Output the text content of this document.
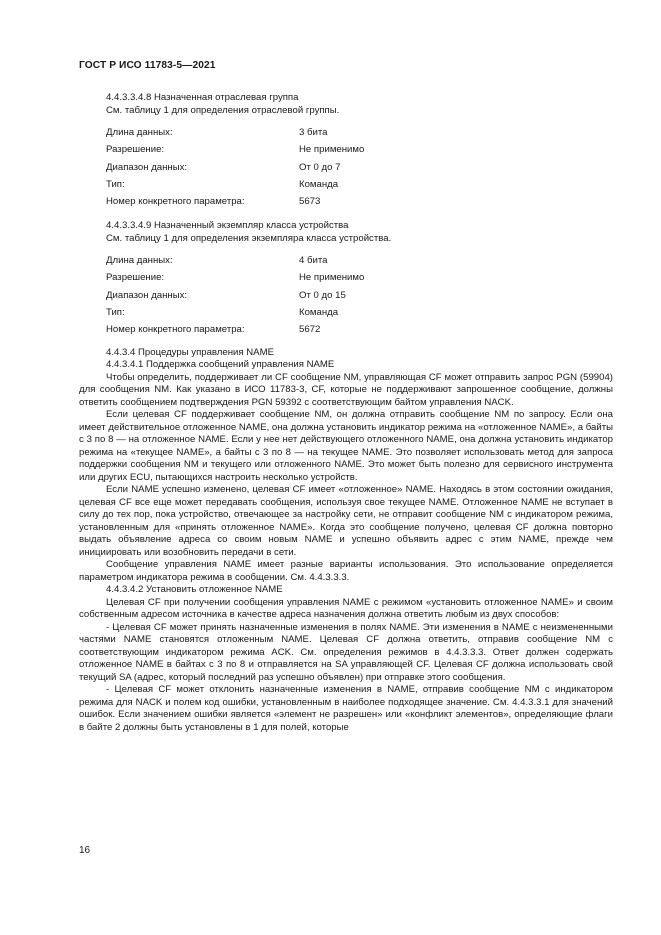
ГОСТ Р ИСО 11783-5—2021
4.4.3.3.4.8 Назначенная отраслевая группа
См. таблицу 1 для определения отраслевой группы.
Длина данных:	3 бита
Разрешение:	Не применимо
Диапазон данных:	От 0 до 7
Тип:	Команда
Номер конкретного параметра:	5673
4.4.3.3.4.9 Назначенный экземпляр класса устройства
См. таблицу 1 для определения экземпляра класса устройства.
Длина данных:	4 бита
Разрешение:	Не применимо
Диапазон данных:	От 0 до 15
Тип:	Команда
Номер конкретного параметра:	5672

4.4.3.4 Процедуры управления NAME

4.4.3.4.1 Поддержка сообщений управления NAME

Чтобы определить, поддерживает ли CF сообщение NM, управляющая CF может отправить запрос PGN (59904) для сообщения NM. Как указано в ИСО 11783-3, CF, которые не поддерживают запрошенное сообщение, должны ответить сообщением подтверждения PGN 59392 с соответствующим байтом управления NACK.

Если целевая CF поддерживает сообщение NM, он должна отправить сообщение NM по запросу. Если она имеет действительное отложенное NAME, она должна установить индикатор режима на «отложенное NAME», а байты с 3 по 8 — на отложенное NAME. Если у нее нет действующего отложенного NAME, она должна установить индикатор режима на «текущее NAME», а байты с 3 по 8 — на текущее NAME. Это позволяет использовать метод для запроса поддержки сообщения NM и текущего или отложенного NAME. Это может быть полезно для сервисного инструмента или других ECU, пытающихся настроить несколько устройств.

Если NAME успешно изменено, целевая CF имеет «отложенное» NAME. Находясь в этом состоянии ожидания, целевая CF все еще может передавать сообщения, используя свое текущее NAME. Отложенное NAME не вступает в силу до тех пор, пока устройство, отвечающее за настройку сети, не отправит сообщение NM с индикатором режима, установленным для «принять отложенное NAME». Когда это сообщение получено, целевая CF должна повторно выдать объявление адреса со своим новым NAME и успешно объявить адрес с этим NAME, прежде чем инициировать или возобновить передачи в сети.

Сообщение управления NAME имеет разные варианты использования. Это использование определяется параметром индикатора режима в сообщении. См. 4.4.3.3.3.

4.4.3.4.2 Установить отложенное NAME

Целевая CF при получении сообщения управления NAME с режимом «установить отложенное NAME» и своим собственным адресом источника в качестве адреса назначения должна ответить любым из двух способов:

- Целевая CF может принять назначенные изменения в полях NAME. Эти изменения в NAME с неизмененными частями NAME становятся отложенным NAME. Целевая CF должна ответить, отправив сообщение NM с соответствующим индикатором режима ACK. См. определения режимов в 4.4.3.3.3. Ответ должен содержать отложенное NAME в байтах с 3 по 8 и отправляется на SA управляющей CF. Целевая CF должна использовать свой текущий SA (адрес, который последний раз успешно объявлен) при отправке этого сообщения.

- Целевая CF может отклонить назначенные изменения в NAME, отправив сообщение NM с индикатором режима для NACK и полем код ошибки, установленным в наиболее подходящее значение. См. 4.4.3.3.1 для значений ошибок. Если значением ошибки является «элемент не разрешен» или «конфликт элементов», определяющие флаги в байте 2 должны быть установлены в 1 для полей, которые

16
